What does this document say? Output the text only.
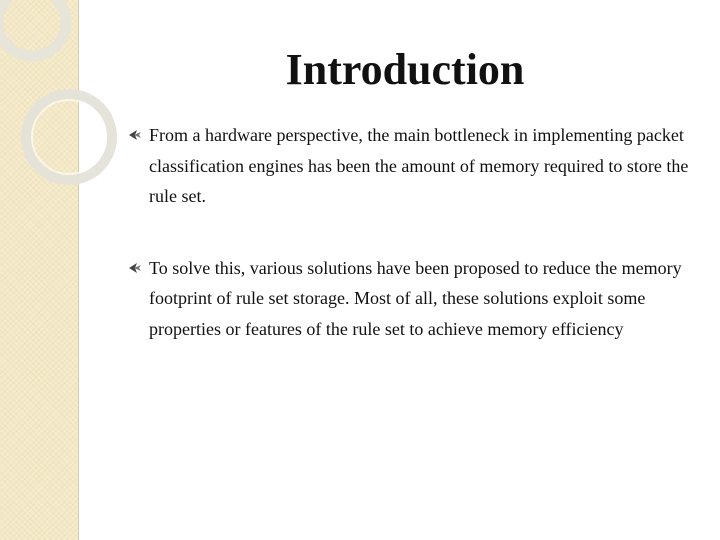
Introduction
From a hardware perspective, the main bottleneck in implementing packet classification engines has been the amount of memory required to store the rule set.
To solve this, various solutions have been proposed to reduce the memory footprint of rule set storage. Most of all, these solutions exploit some properties or features of the rule set to achieve memory efficiency
